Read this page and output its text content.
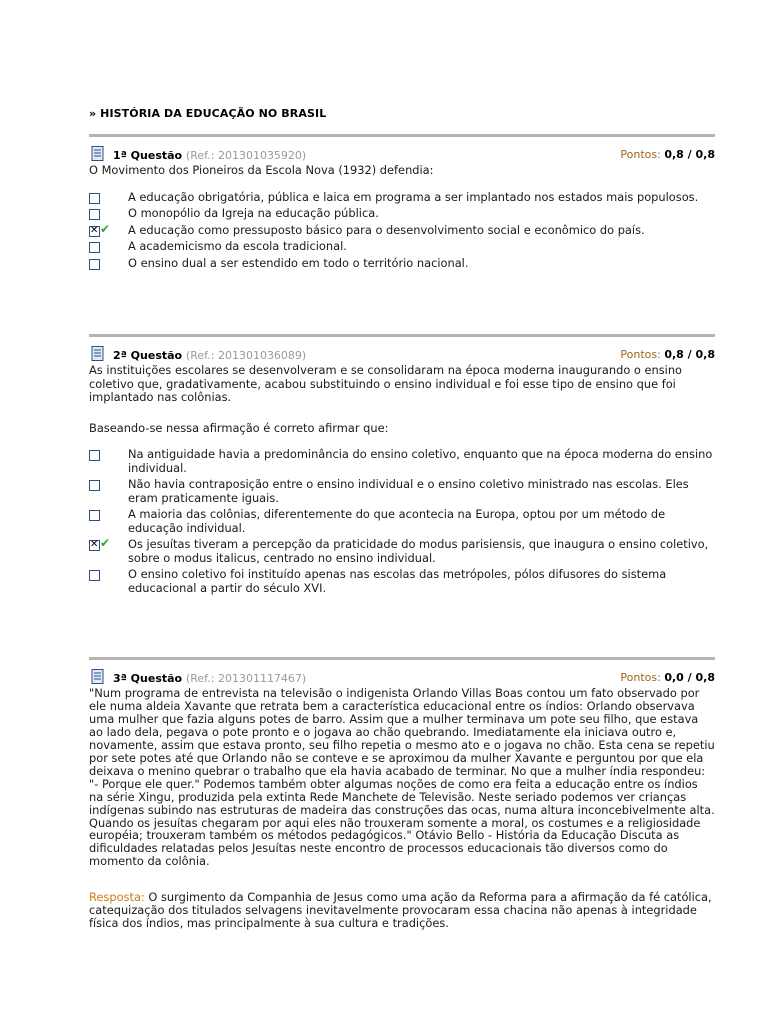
» HISTÓRIA DA EDUCAÇÃO NO BRASIL
1ª Questão (Ref.: 201301035920)	Pontos: 0,8 / 0,8

O Movimento dos Pioneiros da Escola Nova (1932) defendia:

A educação obrigatória, pública e laica em programa a ser implantado nos estados mais populosos.
O monopólio da Igreja na educação pública.
✕
✔ A educação como pressuposto básico para o desenvolvimento social e econômico do país.
A academicismo da escola tradicional.
O ensino dual a ser estendido em todo o território nacional.
2ª Questão (Ref.: 201301036089)	Pontos: 0,8 / 0,8

As instituições escolares se desenvolveram e se consolidaram na época moderna inaugurando o ensino coletivo que, gradativamente, acabou substituindo o ensino individual e foi esse tipo de ensino que foi implantado nas colônias.

Baseando-se nessa afirmação é correto afirmar que:

Na antiguidade havia a predominância do ensino coletivo, enquanto que na época moderna do ensino individual.
Não havia contraposição entre o ensino individual e o ensino coletivo ministrado nas escolas. Eles eram praticamente iguais.
A maioria das colônias, diferentemente do que acontecia na Europa, optou por um método de educação individual.
✕
✔ Os jesuítas tiveram a percepção da praticidade do modus parisiensis, que inaugura o ensino coletivo, sobre o modus italicus, centrado no ensino individual.
O ensino coletivo foi instituído apenas nas escolas das metrópoles, pólos difusores do sistema educacional a partir do século XVI.
3ª Questão (Ref.: 201301117467)	Pontos: 0,0 / 0,8

"Num programa de entrevista na televisão o indigenista Orlando Villas Boas contou um fato observado por ele numa aldeia Xavante que retrata bem a característica educacional entre os índios: Orlando observava uma mulher que fazia alguns potes de barro. Assim que a mulher terminava um pote seu filho, que estava ao lado dela, pegava o pote pronto e o jogava ao chão quebrando. Imediatamente ela iniciava outro e, novamente, assim que estava pronto, seu filho repetia o mesmo ato e o jogava no chão. Esta cena se repetiu por sete potes até que Orlando não se conteve e se aproximou da mulher Xavante e perguntou por que ela deixava o menino quebrar o trabalho que ela havia acabado de terminar. No que a mulher índia respondeu: "- Porque ele quer." Podemos também obter algumas noções de como era feita a educação entre os índios na série Xingu, produzida pela extinta Rede Manchete de Televisão. Neste seriado podemos ver crianças indígenas subindo nas estruturas de madeira das construções das ocas, numa altura inconcebivelmente alta. Quando os jesuítas chegaram por aqui eles não trouxeram somente a moral, os costumes e a religiosidade européia; trouxeram também os métodos pedagógicos." Otávio Bello - História da Educação Discuta as dificuldades relatadas pelos Jesuítas neste encontro de processos educacionais tão diversos como do momento da colônia.

Resposta: O surgimento da Companhia de Jesus como uma ação da Reforma para a afirmação da fé católica, catequização dos titulados selvagens inevitavelmente provocaram essa chacina não apenas à integridade física dos índios, mas principalmente à sua cultura e tradições.
